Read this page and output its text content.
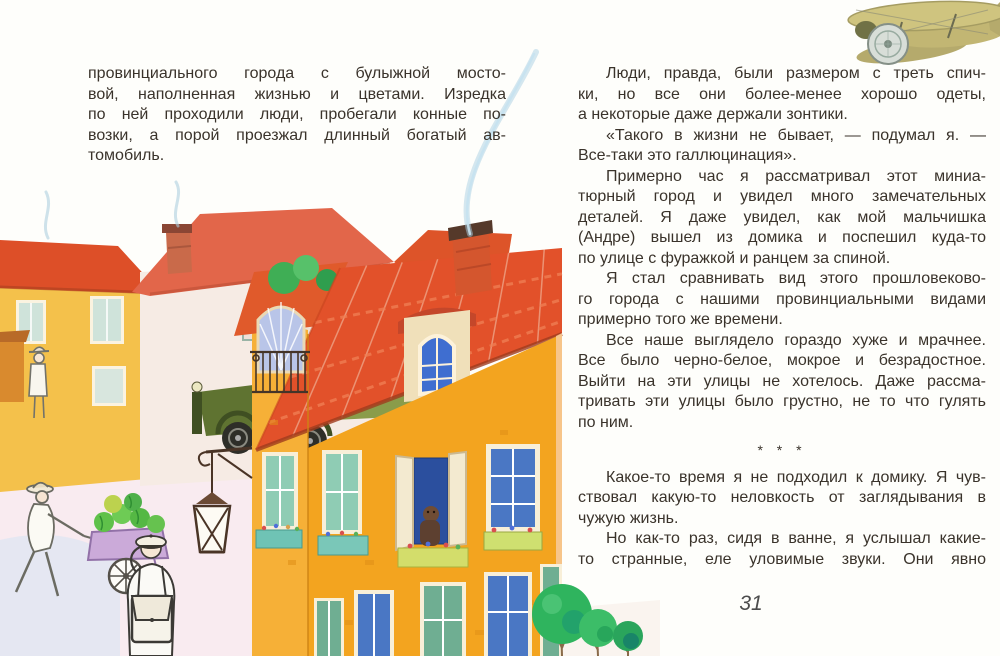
провинциального города с булыжной мосто-
вой, наполненная жизнью и цветами. Изредка
по ней проходили люди, пробегали конные по-
возки, а порой проезжал длинный богатый ав-
томобиль.
Люди, правда, были размером с треть спич-
ки, но все они более-менее хорошо одеты,
а некоторые даже держали зонтики.
«Такого в жизни не бывает, — подумал я. —
Все-таки это галлюцинация».
Примерно час я рассматривал этот миниа-
тюрный город и увидел много замечательных
деталей. Я даже увидел, как мой мальчишка
(Андре) вышел из домика и поспешил куда-то
по улице с фуражкой и ранцем за спиной.
Я стал сравнивать вид этого прошловеково-
го города с нашими провинциальными видами
примерно того же времени.
Все наше выглядело гораздо хуже и мрачнее.
Все было черно-белое, мокрое и безрадостное.
Выйти на эти улицы не хотелось. Даже рассма-
тривать эти улицы было грустно, не то что гулять
по ним.
* * *
Какое-то время я не подходил к домику. Я чув-
ствовал какую-то неловкость от заглядывания в
чужую жизнь.
Но как-то раз, сидя в ванне, я услышал какие-
то странные, еле уловимые звуки. Они явно
31
